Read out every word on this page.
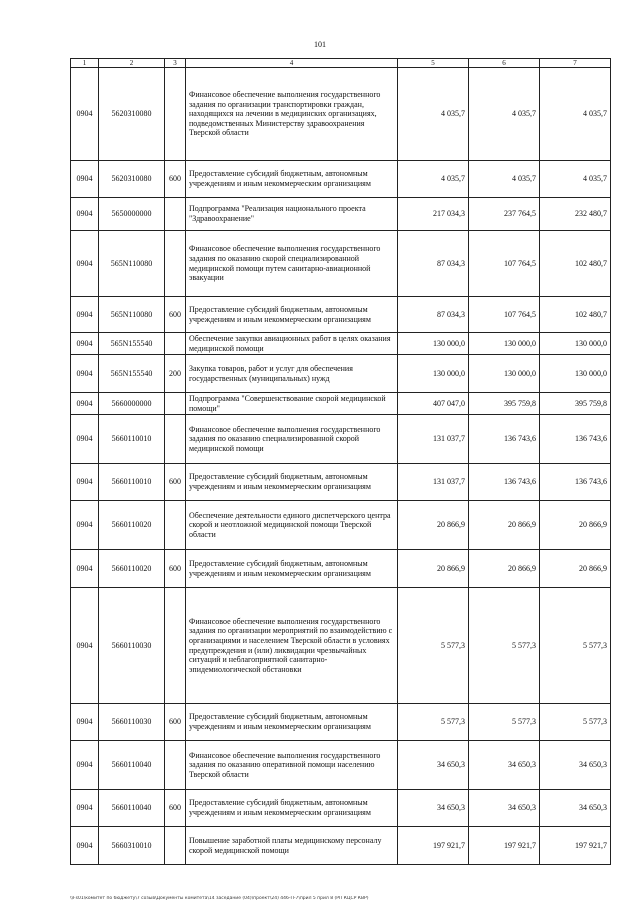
101
1	2	3	4	5	6	7
0904	5620310080		Финансовое обеспечение выполнения государственного задания по организации транспортировки граждан, находящихся на лечении в медицинских организациях, подведомственных Министерству здравоохранения Тверской области	4 035,7	4 035,7	4 035,7
0904	5620310080	600	Предоставление субсидий бюджетным, автономным учреждениям и иным некоммерческим организациям	4 035,7	4 035,7	4 035,7
0904	5650000000		Подпрограмма "Реализация национального проекта "Здравоохранение"	217 034,3	237 764,5	232 480,7
0904	565N110080		Финансовое обеспечение выполнения государственного задания по оказанию скорой специализированной медицинской помощи путем санитарно-авиационной эвакуации	87 034,3	107 764,5	102 480,7
0904	565N110080	600	Предоставление субсидий бюджетным, автономным учреждениям и иным некоммерческим организациям	87 034,3	107 764,5	102 480,7
0904	565N155540		Обеспечение закупки авиационных работ в целях оказания медицинской помощи	130 000,0	130 000,0	130 000,0
0904	565N155540	200	Закупка товаров, работ и услуг для обеспечения государственных (муниципальных) нужд	130 000,0	130 000,0	130 000,0
0904	5660000000		Подпрограмма "Совершенствование скорой медицинской помощи"	407 047,0	395 759,8	395 759,8
0904	5660110010		Финансовое обеспечение выполнения государственного задания по оказанию специализированной скорой медицинской помощи	131 037,7	136 743,6	136 743,6
0904	5660110010	600	Предоставление субсидий бюджетным, автономным учреждениям и иным некоммерческим организациям	131 037,7	136 743,6	136 743,6
0904	5660110020		Обеспечение деятельности единого диспетчерского центра скорой и неотложной медицинской помощи Тверской области	20 866,9	20 866,9	20 866,9
0904	5660110020	600	Предоставление субсидий бюджетным, автономным учреждениям и иным некоммерческим организациям	20 866,9	20 866,9	20 866,9
0904	5660110030		Финансовое обеспечение выполнения государственного задания по организации мероприятий по взаимодействию с организациями и населением Тверской области в условиях предупреждения и (или) ликвидации чрезвычайных ситуаций и неблагоприятной санитарно-эпидемиологической обстановки	5 577,3	5 577,3	5 577,3
0904	5660110030	600	Предоставление субсидий бюджетным, автономным учреждениям и иным некоммерческим организациям	5 577,3	5 577,3	5 577,3
0904	5660110040		Финансовое обеспечение выполнения государственного задания по оказанию оперативной помощи населению Тверской области	34 650,3	34 650,3	34 650,3
0904	5660110040	600	Предоставление субсидий бюджетным, автономным учреждениям и иным некоммерческим организациям	34 650,3	34 650,3	34 650,3
0904	5660310010		Повышение заработной платы медицинскому персоналу скорой медицинской помощи	197 921,7	197 921,7	197 921,7
\\Fs01\комитет по бюджету\7 созыв\Документы комитета\14 заседание (04)\проект\24) 446-П-7\прил 5 прил 8 (РП КЦСР КВР)
